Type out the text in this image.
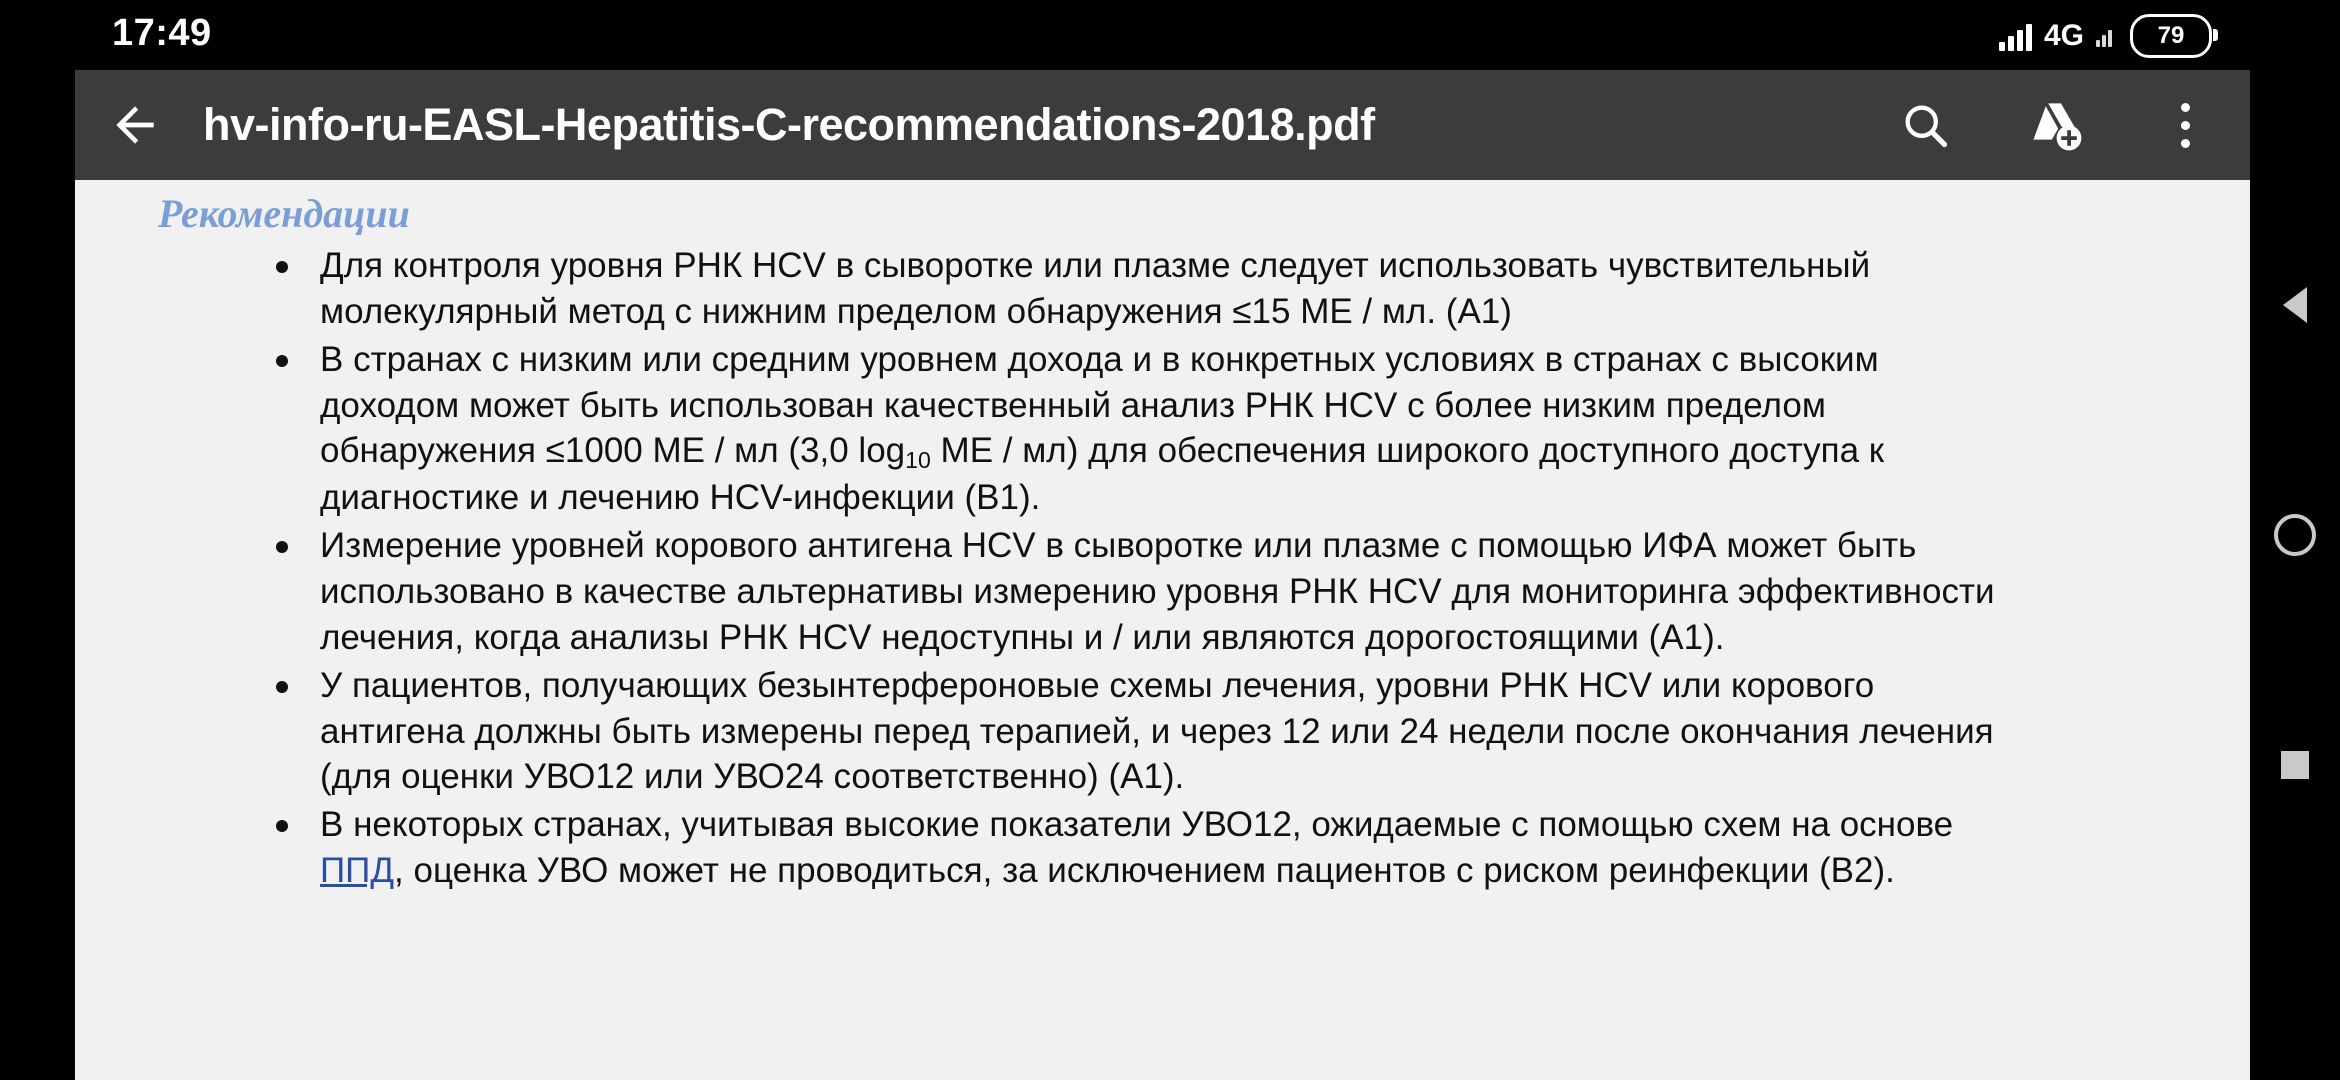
17:49	4G	79
hv-info-ru-EASL-Hepatitis-C-recommendations-2018.pdf
Рекомендации
Для контроля уровня РНК HCV в сыворотке или плазме следует использовать чувствительный молекулярный метод с нижним пределом обнаружения ≤15 МЕ / мл. (А1)
В странах с низким или средним уровнем дохода и в конкретных условиях в странах с высоким доходом может быть использован качественный анализ РНК HCV с более низким пределом обнаружения ≤1000 МЕ / мл (3,0 $\log_{10}$ МЕ / мл) для обеспечения широкого доступного доступа к диагностике и лечению HCV-инфекции (В1).
Измерение уровней корового антигена HCV в сыворотке или плазме с помощью ИФА может быть использовано в качестве альтернативы измерению уровня РНК HCV для мониторинга эффективности лечения, когда анализы РНК HCV недоступны и / или являются дорогостоящими (А1).
У пациентов, получающих безынтерфероновые схемы лечения, уровни РНК HCV или корового антигена должны быть измерены перед терапией, и через 12 или 24 недели после окончания лечения (для оценки УВО12 или УВО24 соответственно) (А1).
В некоторых странах, учитывая высокие показатели УВО12, ожидаемые с помощью схем на основе ППД, оценка УВО может не проводиться, за исключением пациентов с риском реинфекции (В2).
